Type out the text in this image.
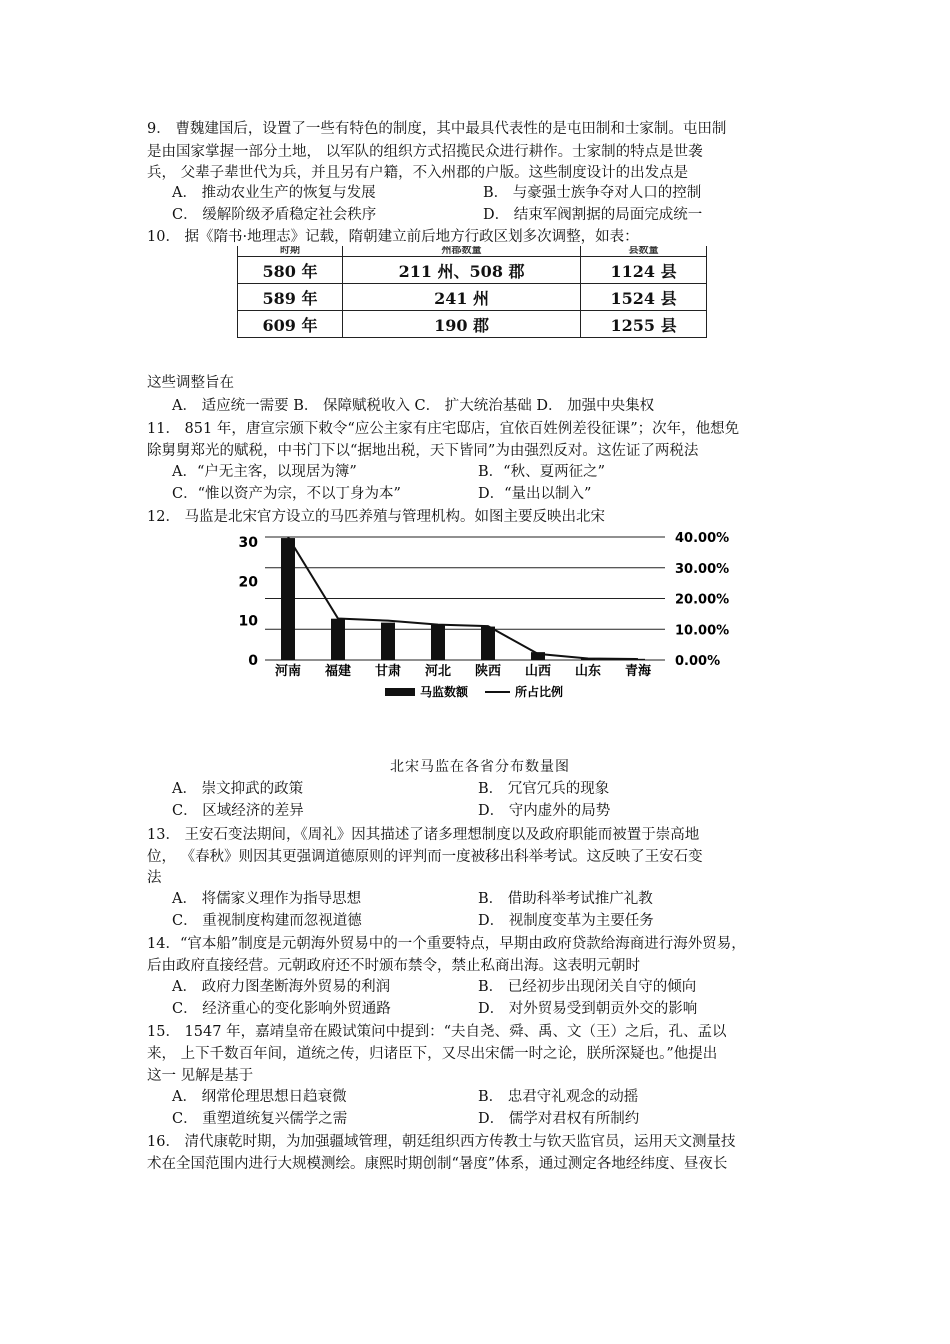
9． 曹魏建国后，设置了一些有特色的制度，其中最具代表性的是屯田制和士家制。屯田制
是由国家掌握一部分土地， 以军队的组织方式招揽民众进行耕作。士家制的特点是世袭
兵， 父辈子辈世代为兵，并且另有户籍，不入州郡的户版。这些制度设计的出发点是
A． 推动农业生产的恢复与发展	B． 与豪强士族争夺对人口的控制
C． 缓解阶级矛盾稳定社会秩序	D． 结束军阀割据的局面完成统一
10． 据《隋书·地理志》记载，隋朝建立前后地方行政区划多次调整，如表：
时期	州郡数量	县数量
580 年	211 州、508 郡	1124 县
589 年	241 州	1524 县
609 年	190 郡	1255 县
这些调整旨在
A． 适应统一需要 B． 保障赋税收入 C． 扩大统治基础 D． 加强中央集权
11． 851 年，唐宣宗颁下敕令“应公主家有庄宅邸店，宜依百姓例差役征课”；次年，他想免
除舅舅郑光的赋税，中书门下以“据地出税，天下皆同”为由强烈反对。这佐证了两税法
A．“户无主客，以现居为簿”	B．“秋、夏两征之”
C．“惟以资产为宗，不以丁身为本”	D．“量出以制入”
12． 马监是北宋官方设立的马匹养殖与管理机构。如图主要反映出北宋
0
10
20
30
0.00%
10.00%
20.00%
30.00%
40.00%
河南 福建 甘肃 河北 陕西 山西 山东 青海
马监数额	所占比例
北宋马监在各省分布数量图
A． 崇文抑武的政策	B． 冗官冗兵的现象
C． 区域经济的差异	D． 守内虚外的局势
13． 王安石变法期间，《周礼》因其描述了诸多理想制度以及政府职能而被置于崇高地
位， 《春秋》则因其更强调道德原则的评判而一度被移出科举考试。这反映了王安石变
法
A． 将儒家义理作为指导思想	B． 借助科举考试推广礼教
C． 重视制度构建而忽视道德	D． 视制度变革为主要任务
14．“官本船”制度是元朝海外贸易中的一个重要特点，早期由政府贷款给海商进行海外贸易，
后由政府直接经营。元朝政府还不时颁布禁令，禁止私商出海。这表明元朝时
A． 政府力图垄断海外贸易的利润	B． 已经初步出现闭关自守的倾向
C． 经济重心的变化影响外贸通路	D． 对外贸易受到朝贡外交的影响
15． 1547 年，嘉靖皇帝在殿试策问中提到：“夫自尧、舜、禹、文（王）之后，孔、孟以
来， 上下千数百年间，道统之传，归诸臣下，又尽出宋儒一时之论，朕所深疑也。”他提出
这一 见解是基于
A． 纲常伦理思想日趋衰微	B． 忠君守礼观念的动摇
C． 重塑道统复兴儒学之需	D． 儒学对君权有所制约
16． 清代康乾时期，为加强疆域管理，朝廷组织西方传教士与钦天监官员，运用天文测量技
术在全国范围内进行大规模测绘。康熙时期创制“暑度”体系，通过测定各地经纬度、昼夜长
